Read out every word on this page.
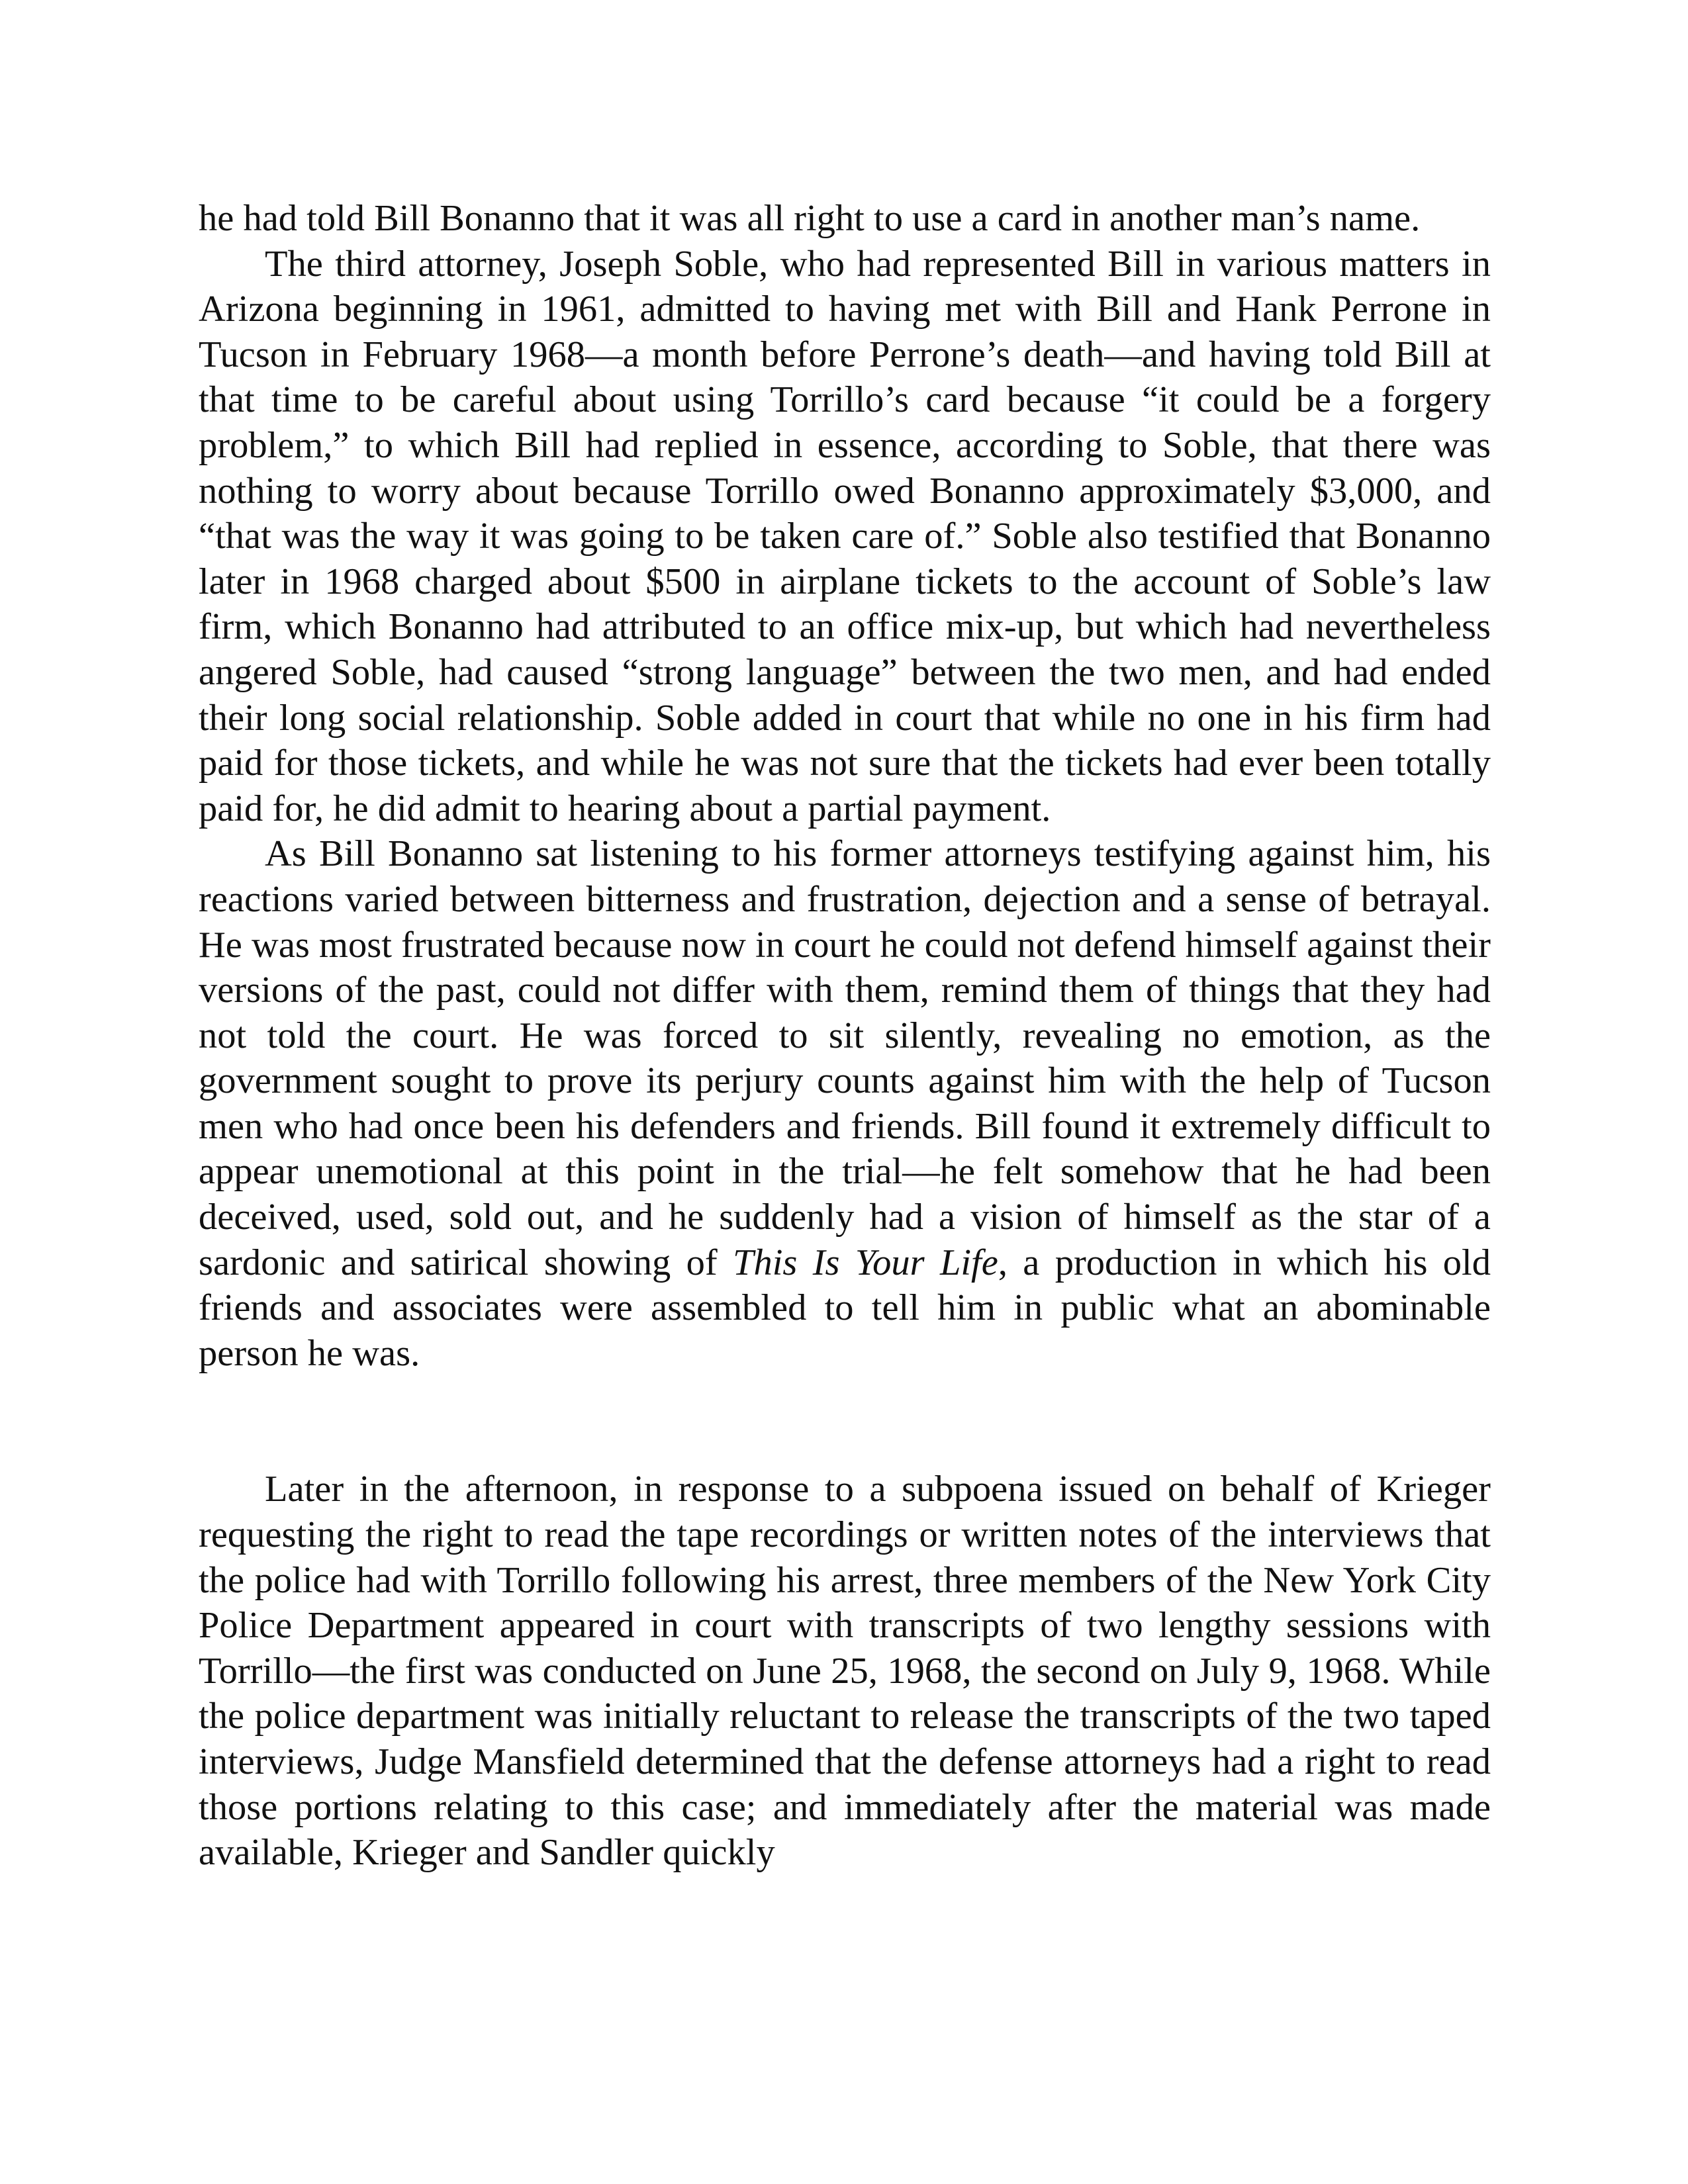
he had told Bill Bonanno that it was all right to use a card in another man’s name.

The third attorney, Joseph Soble, who had represented Bill in various matters in Arizona beginning in 1961, admitted to having met with Bill and Hank Perrone in Tucson in February 1968—a month before Perrone’s death—and having told Bill at that time to be careful about using Torrillo’s card because “it could be a forgery problem,” to which Bill had replied in essence, according to Soble, that there was nothing to worry about because Torrillo owed Bonanno approximately $3,000, and “that was the way it was going to be taken care of.” Soble also testified that Bonanno later in 1968 charged about $500 in airplane tickets to the account of Soble’s law firm, which Bonanno had attributed to an office mix-up, but which had nevertheless angered Soble, had caused “strong language” between the two men, and had ended their long social relationship. Soble added in court that while no one in his firm had paid for those tickets, and while he was not sure that the tickets had ever been totally paid for, he did admit to hearing about a partial payment.

As Bill Bonanno sat listening to his former attorneys testifying against him, his reactions varied between bitterness and frustration, dejection and a sense of betrayal. He was most frustrated because now in court he could not defend himself against their versions of the past, could not differ with them, remind them of things that they had not told the court. He was forced to sit silently, revealing no emotion, as the government sought to prove its perjury counts against him with the help of Tucson men who had once been his defenders and friends. Bill found it extremely difficult to appear unemotional at this point in the trial—he felt somehow that he had been deceived, used, sold out, and he suddenly had a vision of himself as the star of a sardonic and satirical showing of This Is Your Life, a production in which his old friends and associates were assembled to tell him in public what an abominable person he was.

Later in the afternoon, in response to a subpoena issued on behalf of Krieger requesting the right to read the tape recordings or written notes of the interviews that the police had with Torrillo following his arrest, three members of the New York City Police Department appeared in court with transcripts of two lengthy sessions with Torrillo—the first was conducted on June 25, 1968, the second on July 9, 1968. While the police department was initially reluctant to release the transcripts of the two taped interviews, Judge Mansfield determined that the defense attorneys had a right to read those portions relating to this case; and immediately after the material was made available, Krieger and Sandler quickly
